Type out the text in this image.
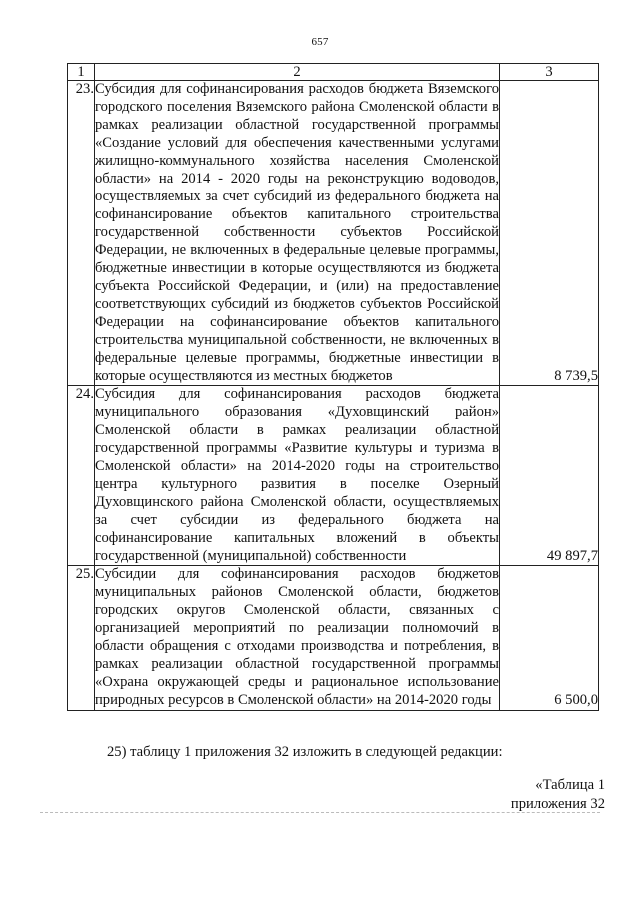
657
1	2	3
23.	Субсидия для софинансирования расходов бюджета Вяземского городского поселения Вяземского района Смоленской области в рамках реализации областной государственной программы «Создание условий для обеспечения качественными услугами жилищно-коммунального хозяйства населения Смоленской области» на 2014 - 2020 годы на реконструкцию водоводов, осуществляемых за счет субсидий из федерального бюджета на софинансирование объектов капитального строительства государственной собственности субъектов Российской Федерации, не включенных в федеральные целевые программы, бюджетные инвестиции в которые осуществляются из бюджета субъекта Российской Федерации, и (или) на предоставление соответствующих субсидий из бюджетов субъектов Российской Федерации на софинансирование объектов капитального строительства муниципальной собственности, не включенных в федеральные целевые программы, бюджетные инвестиции в которые осуществляются из местных бюджетов	8 739,5
24.	Субсидия для софинансирования расходов бюджета муниципального образования «Духовщинский район» Смоленской области в рамках реализации областной государственной программы «Развитие культуры и туризма в Смоленской области» на 2014-2020 годы на строительство центра культурного развития в поселке Озерный Духовщинского района Смоленской области, осуществляемых за счет субсидии из федерального бюджета на софинансирование капитальных вложений в объекты государственной (муниципальной) собственности	49 897,7
25.	Субсидии для софинансирования расходов бюджетов муниципальных районов Смоленской области, бюджетов городских округов Смоленской области, связанных с организацией мероприятий по реализации полномочий в области обращения с отходами производства и потребления, в рамках реализации областной государственной программы «Охрана окружающей среды и рациональное использование природных ресурсов в Смоленской области» на 2014-2020 годы	6 500,0
25) таблицу 1 приложения 32 изложить в следующей редакции:
«Таблица 1
приложения 32
